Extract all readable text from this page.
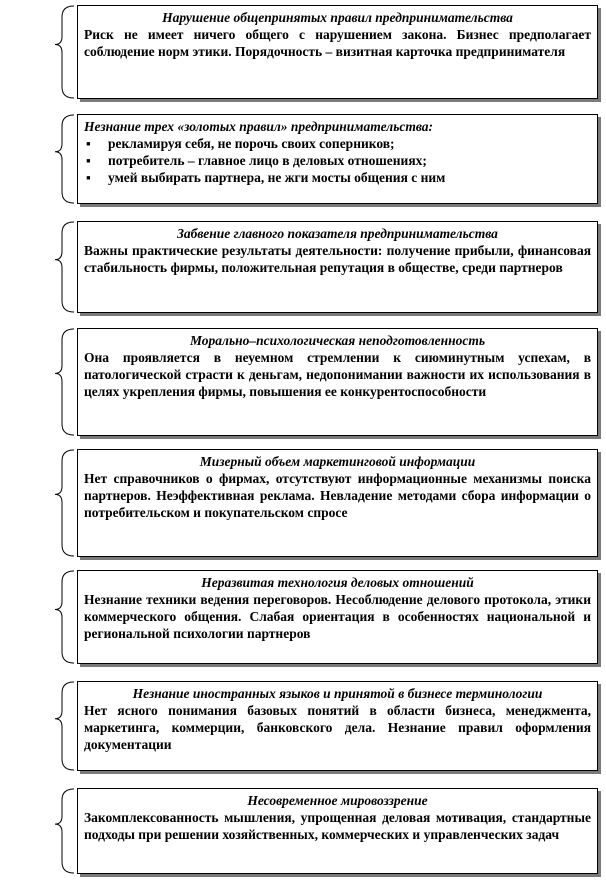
Нарушение общепринятых правил предпринимательства
Риск не имеет ничего общего с нарушением закона. Бизнес предполагает соблюдение норм этики. Порядочность – визитная карточка предпринимателя
Незнание трех «золотых правил» предпринимательства:
▪ рекламируя себя, не порочь своих соперников;
▪ потребитель – главное лицо в деловых отношениях;
▪ умей выбирать партнера, не жги мосты общения с ним
Забвение главного показателя предпринимательства
Важны практические результаты деятельности: получение прибыли, финансовая стабильность фирмы, положительная репутация в обществе, среди партнеров
Морально–психологическая неподготовленность
Она проявляется в неуемном стремлении к сиюминутным успехам, в патологической страсти к деньгам, недопонимании важности их использования в целях укрепления фирмы, повышения ее конкурентоспособности
Мизерный объем маркетинговой информации
Нет справочников о фирмах, отсутствуют информационные механизмы поиска партнеров. Неэффективная реклама. Невладение методами сбора информации о потребительском и покупательском спросе
Неразвитая технология деловых отношений
Незнание техники ведения переговоров. Несоблюдение делового протокола, этики коммерческого общения. Слабая ориентация в особенностях национальной и региональной психологии партнеров
Незнание иностранных языков и принятой в бизнесе терминологии
Нет ясного понимания базовых понятий в области бизнеса, менеджмента, маркетинга, коммерции, банковского дела. Незнание правил оформления документации
Несовременное мировоззрение
Закомплексованность мышления, упрощенная деловая мотивация, стандартные подходы при решении хозяйственных, коммерческих и управленческих задач
